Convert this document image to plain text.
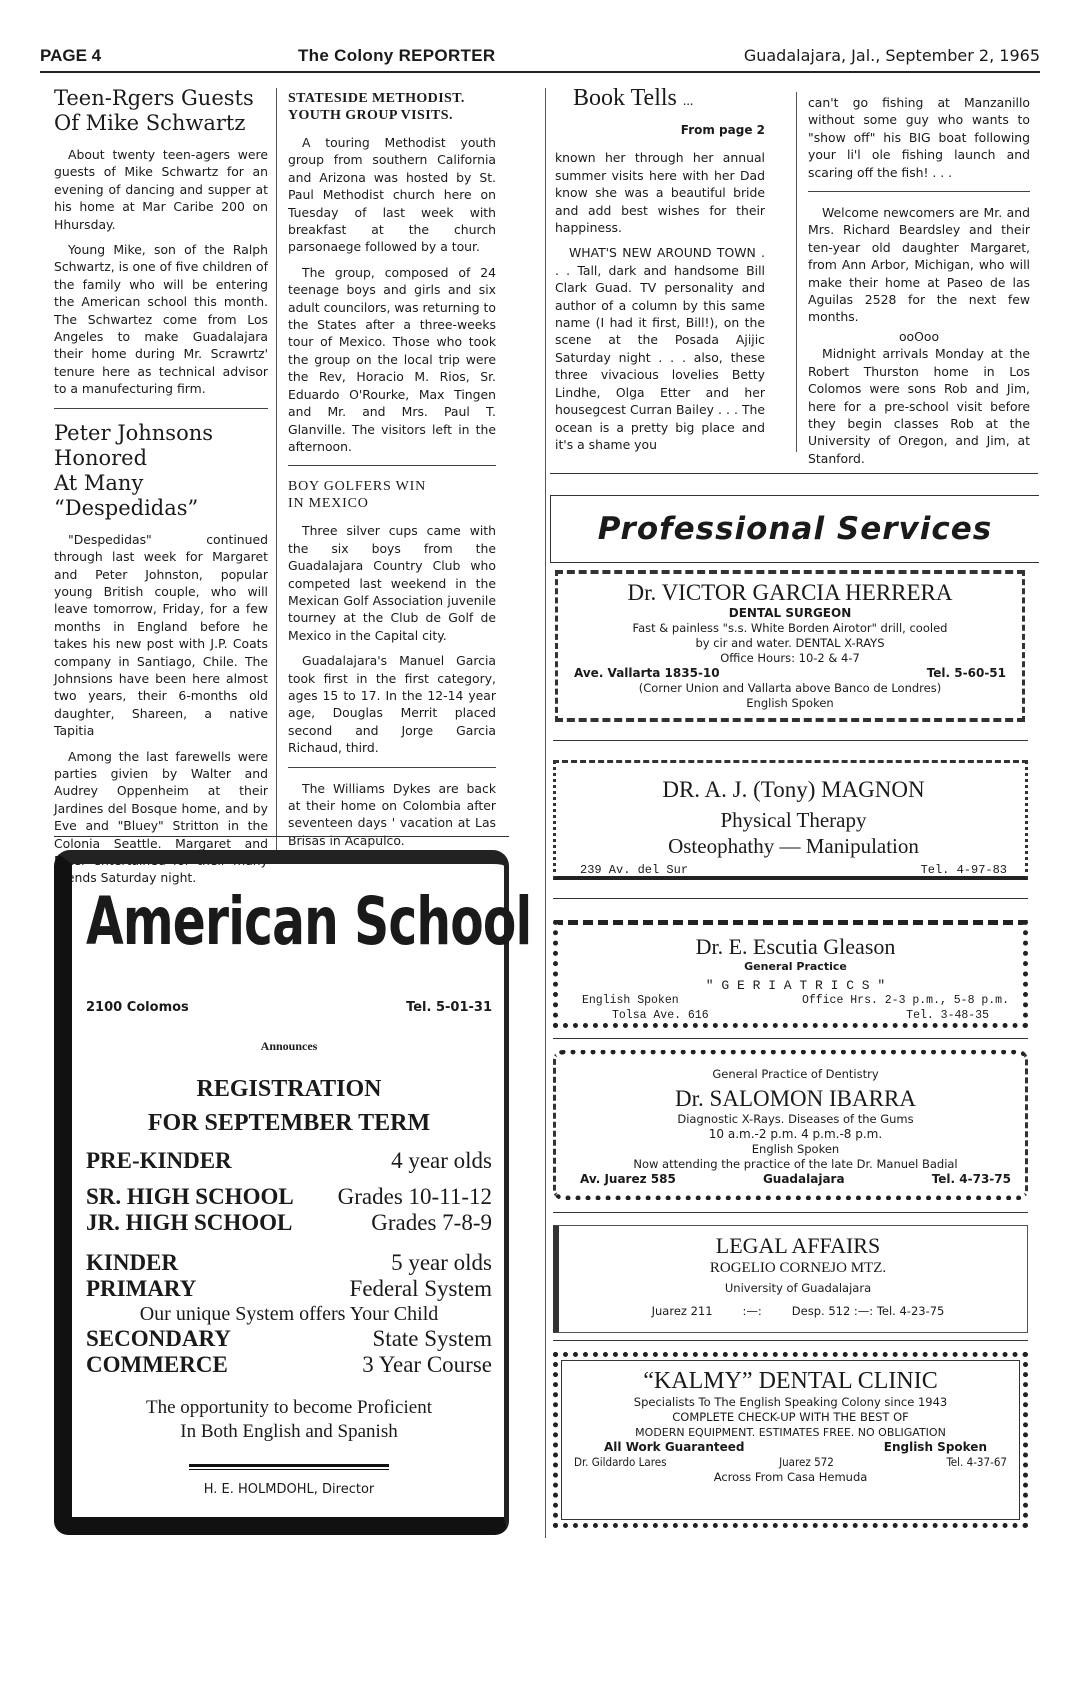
PAGE 4	The Colony REPORTER	Guadalajara, Jal., September 2, 1965
Teen-Rgers Guests
Of Mike Schwartz

About twenty teen-agers were guests of Mike Schwartz for an evening of dancing and supper at his home at Mar Caribe 200 on Hhursday.

Young Mike, son of the Ralph Schwartz, is one of five children of the family who will be entering the American school this month. The Schwartez come from Los Angeles to make Guadalajara their home during Mr. Scrawrtz' tenure here as technical advisor to a manufecturing firm.

Peter Johnsons Honored
At Many “Despedidas”

"Despedidas" continued through last week for Margaret and Peter Johnston, popular young British couple, who will leave tomorrow, Friday, for a few months in England before he takes his new post with J.P. Coats company in Santiago, Chile. The Johnsions have been here almost two years, their 6-months old daughter, Shareen, a native Tapitia

Among the last farewells were parties givien by Walter and Audrey Oppenheim at their Jardines del Bosque home, and by Eve and "Bluey" Stritton in the Colonia Seattle. Margaret and Peter entertained for their many friends Saturday night.

STATESIDE METHODIST.
YOUTH GROUP VISITS.

A touring Methodist youth group from southern California and Arizona was hosted by St. Paul Methodist church here on Tuesday of last week with breakfast at the church parsonaege followed by a tour.

The group, composed of 24 teenage boys and girls and six adult councilors, was returning to the States after a three-weeks tour of Mexico. Those who took the group on the local trip were the Rev, Horacio M. Rios, Sr. Eduardo O'Rourke, Max Tingen and Mr. and Mrs. Paul T. Glanville. The visitors left in the afternoon.

BOY GOLFERS WIN
IN MEXICO

Three silver cups came with the six boys from the Guadalajara Country Club who competed last weekend in the Mexican Golf Association juvenile tourney at the Club de Golf de Mexico in the Capital city.

Guadalajara's Manuel Garcia took first in the first category, ages 15 to 17. In the 12-14 year age, Douglas Merrit placed second and Jorge Garcia Richaud, third.

The Williams Dykes are back at their home on Colombia after seventeen days ' vacation at Las Brisas in Acapulco.

Book Tells ...
From page 2

known her through her annual summer visits here with her Dad know she was a beautiful bride and add best wishes for their happiness.

WHAT'S NEW AROUND TOWN . . . Tall, dark and handsome Bill Clark Guad. TV personality and author of a column by this same name (I had it first, Bill!), on the scene at the Posada Ajijic Saturday night . . . also, these three vivacious lovelies Betty Lindhe, Olga Etter and her housegcest Curran Bailey . . . The ocean is a pretty big place and it's a shame you

can't go fishing at Manzanillo without some guy who wants to "show off" his BIG boat following your li'l ole fishing launch and scaring off the fish! . . .

Welcome newcomers are Mr. and Mrs. Richard Beardsley and their ten-year old daughter Margaret, from Ann Arbor, Michigan, who will make their home at Paseo de las Aguilas 2528 for the next few months.

ooOoo

Midnight arrivals Monday at the Robert Thurston home in Los Colomos were sons Rob and Jim, here for a pre-school visit before they begin classes Rob at the University of Oregon, and Jim, at Stanford.

Professional Services
Dr. VICTOR GARCIA HERRERA
DENTAL SURGEON
Fast & painless "s.s. White Borden Airotor" drill, cooled
by cir and water. DENTAL X-RAYS
Office Hours: 10-2 & 4-7
Ave. Vallarta 1835-10	Tel. 5-60-51
(Corner Union and Vallarta above Banco de Londres)
English Spoken
DR. A. J. (Tony) MAGNON
Physical Therapy
Osteophathy — Manipulation
239 Av. del Sur	Tel. 4-97-83
Dr. E. Escutia Gleason
General Practice
" G E R I A T R I C S "
English Spoken	Office Hrs. 2-3 p.m., 5-8 p.m.
Tolsa Ave. 616	Tel. 3-48-35
General Practice of Dentistry
Dr. SALOMON IBARRA
Diagnostic X-Rays. Diseases of the Gums
10 a.m.-2 p.m. 4 p.m.-8 p.m.
English Spoken
Now attending the practice of the late Dr. Manuel Badial
Av. Juarez 585	Guadalajara	Tel. 4-73-75
LEGAL AFFAIRS
ROGELIO CORNEJO MTZ.
University of Guadalajara
Juarez 211	:—:	Desp. 512 :—: Tel. 4-23-75
“KALMY” DENTAL CLINIC
Specialists To The English Speaking Colony since 1943
COMPLETE CHECK-UP WITH THE BEST OF
MODERN EQUIPMENT. ESTIMATES FREE. NO OBLIGATION
All Work Guaranteed	English Spoken
Dr. Gildardo Lares	Juarez 572	Tel. 4-37-67
Across From Casa Hemuda
American School
2100 Colomos	Tel. 5-01-31
Announces
REGISTRATION
FOR SEPTEMBER TERM
PRE-KINDER	4 year olds
SR. HIGH SCHOOL Grades 10-11-12
JR. HIGH SCHOOL	Grades 7-8-9
KINDER	5 year olds
PRIMARY	Federal System
Our unique System offers Your Child
SECONDARY	State System
COMMERCE	3 Year Course
The opportunity to become Proficient
In Both English and Spanish
H. E. HOLMDOHL, Director
